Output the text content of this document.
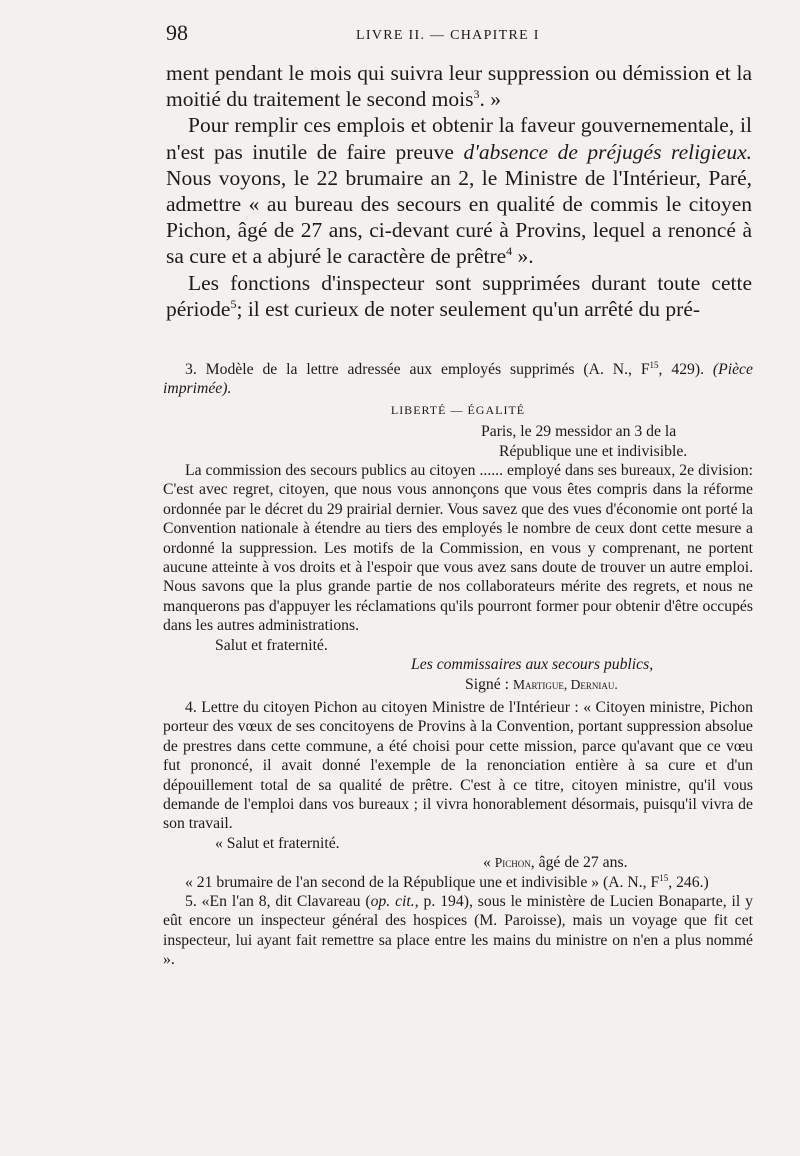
98	LIVRE II. — CHAPITRE I

ment pendant le mois qui suivra leur suppression ou démission et la moitié du traitement le second mois$^3$. »

Pour remplir ces emplois et obtenir la faveur gouvernementale, il n'est pas inutile de faire preuve d'absence de préjugés religieux. Nous voyons, le 22 brumaire an 2, le Ministre de l'Intérieur, Paré, admettre « au bureau des secours en qualité de commis le citoyen Pichon, âgé de 27 ans, ci-devant curé à Provins, lequel a renoncé à sa cure et a abjuré le caractère de prêtre$^4$ ».

Les fonctions d'inspecteur sont supprimées durant toute cette période$^5$; il est curieux de noter seulement qu'un arrêté du pré-

3. Modèle de la lettre adressée aux employés supprimés (A. N., $F^{15}$, 429). (Pièce imprimée).

LIBERTÉ — ÉGALITÉ

Paris, le 29 messidor an 3 de la

République une et indivisible.

La commission des secours publics au citoyen ...... employé dans ses bureaux, 2e division: C'est avec regret, citoyen, que nous vous annonçons que vous êtes compris dans la réforme ordonnée par le décret du 29 prairial dernier. Vous savez que des vues d'économie ont porté la Convention nationale à étendre au tiers des employés le nombre de ceux dont cette mesure a ordonné la suppression. Les motifs de la Commission, en vous y comprenant, ne portent aucune atteinte à vos droits et à l'espoir que vous avez sans doute de trouver un autre emploi. Nous savons que la plus grande partie de nos collaborateurs mérite des regrets, et nous ne manquerons pas d'appuyer les réclamations qu'ils pourront former pour obtenir d'être occupés dans les autres administrations.

Salut et fraternité.

Les commissaires aux secours publics,

Signé : Martigue, Derniau.

4. Lettre du citoyen Pichon au citoyen Ministre de l'Intérieur : « Citoyen ministre, Pichon porteur des vœux de ses concitoyens de Provins à la Convention, portant suppression absolue de prestres dans cette commune, a été choisi pour cette mission, parce qu'avant que ce vœu fut prononcé, il avait donné l'exemple de la renonciation entière à sa cure et d'un dépouillement total de sa qualité de prêtre. C'est à ce titre, citoyen ministre, qu'il vous demande de l'emploi dans vos bureaux ; il vivra honorablement désormais, puisqu'il vivra de son travail.

« Salut et fraternité.

« Pichon, âgé de 27 ans.

« 21 brumaire de l'an second de la République une et indivisible » (A. N., $F^{15}$, 246.)

5. «En l'an 8, dit Clavareau (op. cit., p. 194), sous le ministère de Lucien Bonaparte, il y eût encore un inspecteur général des hospices (M. Paroisse), mais un voyage que fit cet inspecteur, lui ayant fait remettre sa place entre les mains du ministre on n'en a plus nommé ».
